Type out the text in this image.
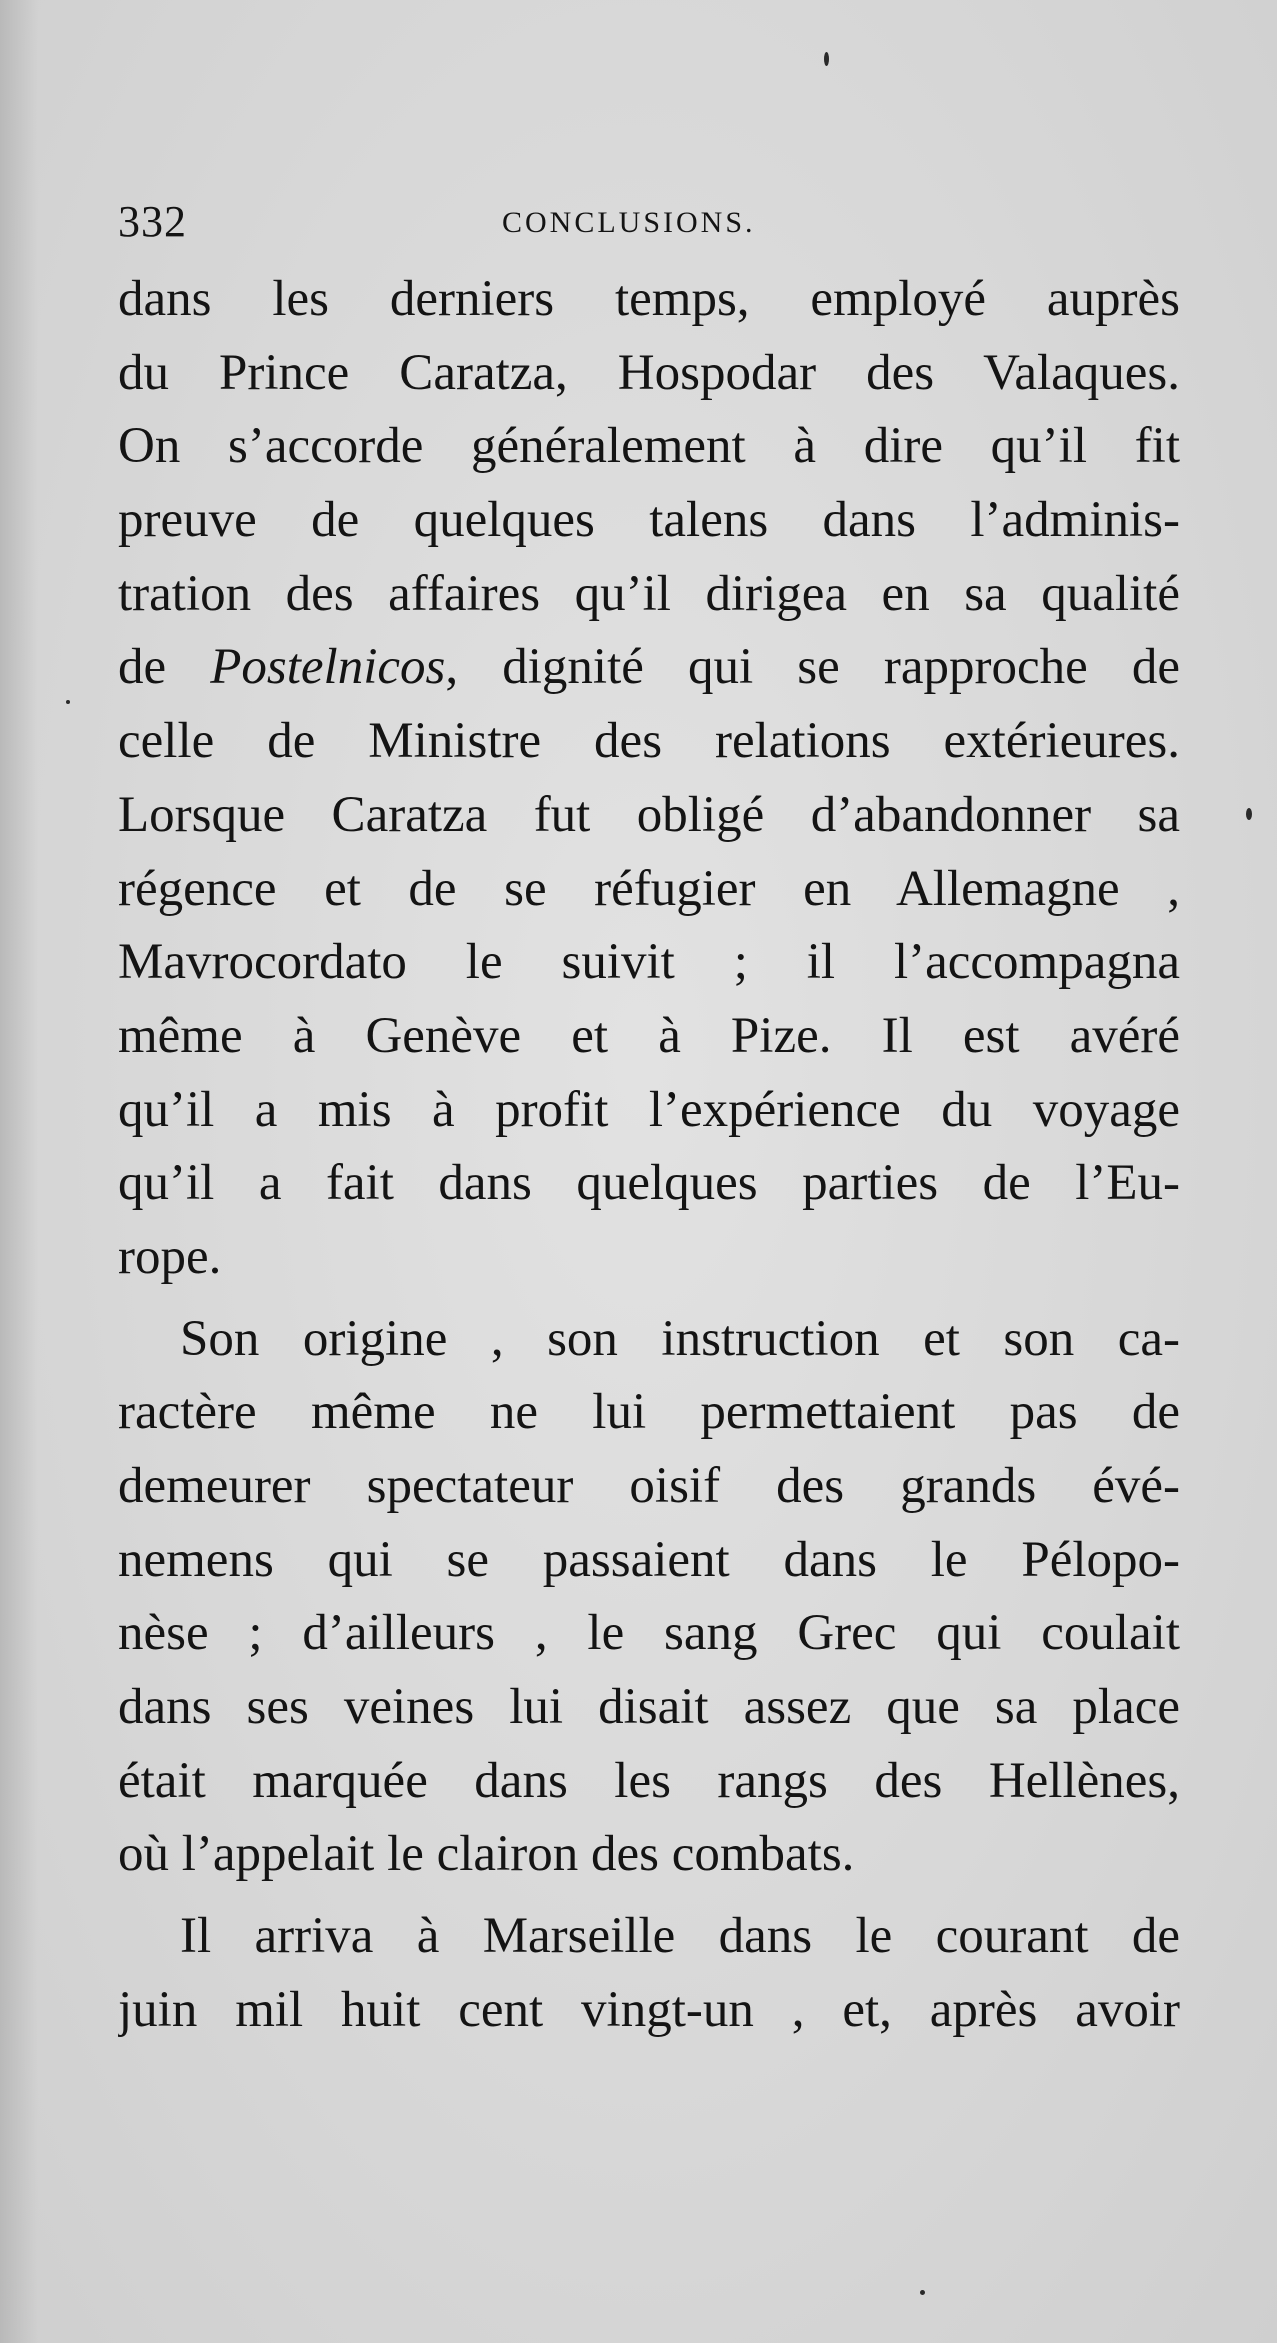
332	CONCLUSIONS.
dans les derniers temps, employé auprès
du Prince Caratza, Hospodar des Valaques.
On s’accorde généralement à dire qu’il fit
preuve de quelques talens dans l’adminis-
tration des affaires qu’il dirigea en sa qualité
de Postelnicos, dignité qui se rapproche de
celle de Ministre des relations extérieures.
Lorsque Caratza fut obligé d’abandonner sa
régence et de se réfugier en Allemagne ,
Mavrocordato le suivit ; il l’accompagna
même à Genève et à Pize. Il est avéré
qu’il a mis à profit l’expérience du voyage
qu’il a fait dans quelques parties de l’Eu-
rope.
Son origine , son instruction et son ca-
ractère même ne lui permettaient pas de
demeurer spectateur oisif des grands évé-
nemens qui se passaient dans le Pélopo-
nèse ; d’ailleurs , le sang Grec qui coulait
dans ses veines lui disait assez que sa place
était marquée dans les rangs des Hellènes,
où l’appelait le clairon des combats.
Il arriva à Marseille dans le courant de
juin mil huit cent vingt-un , et, après avoir
